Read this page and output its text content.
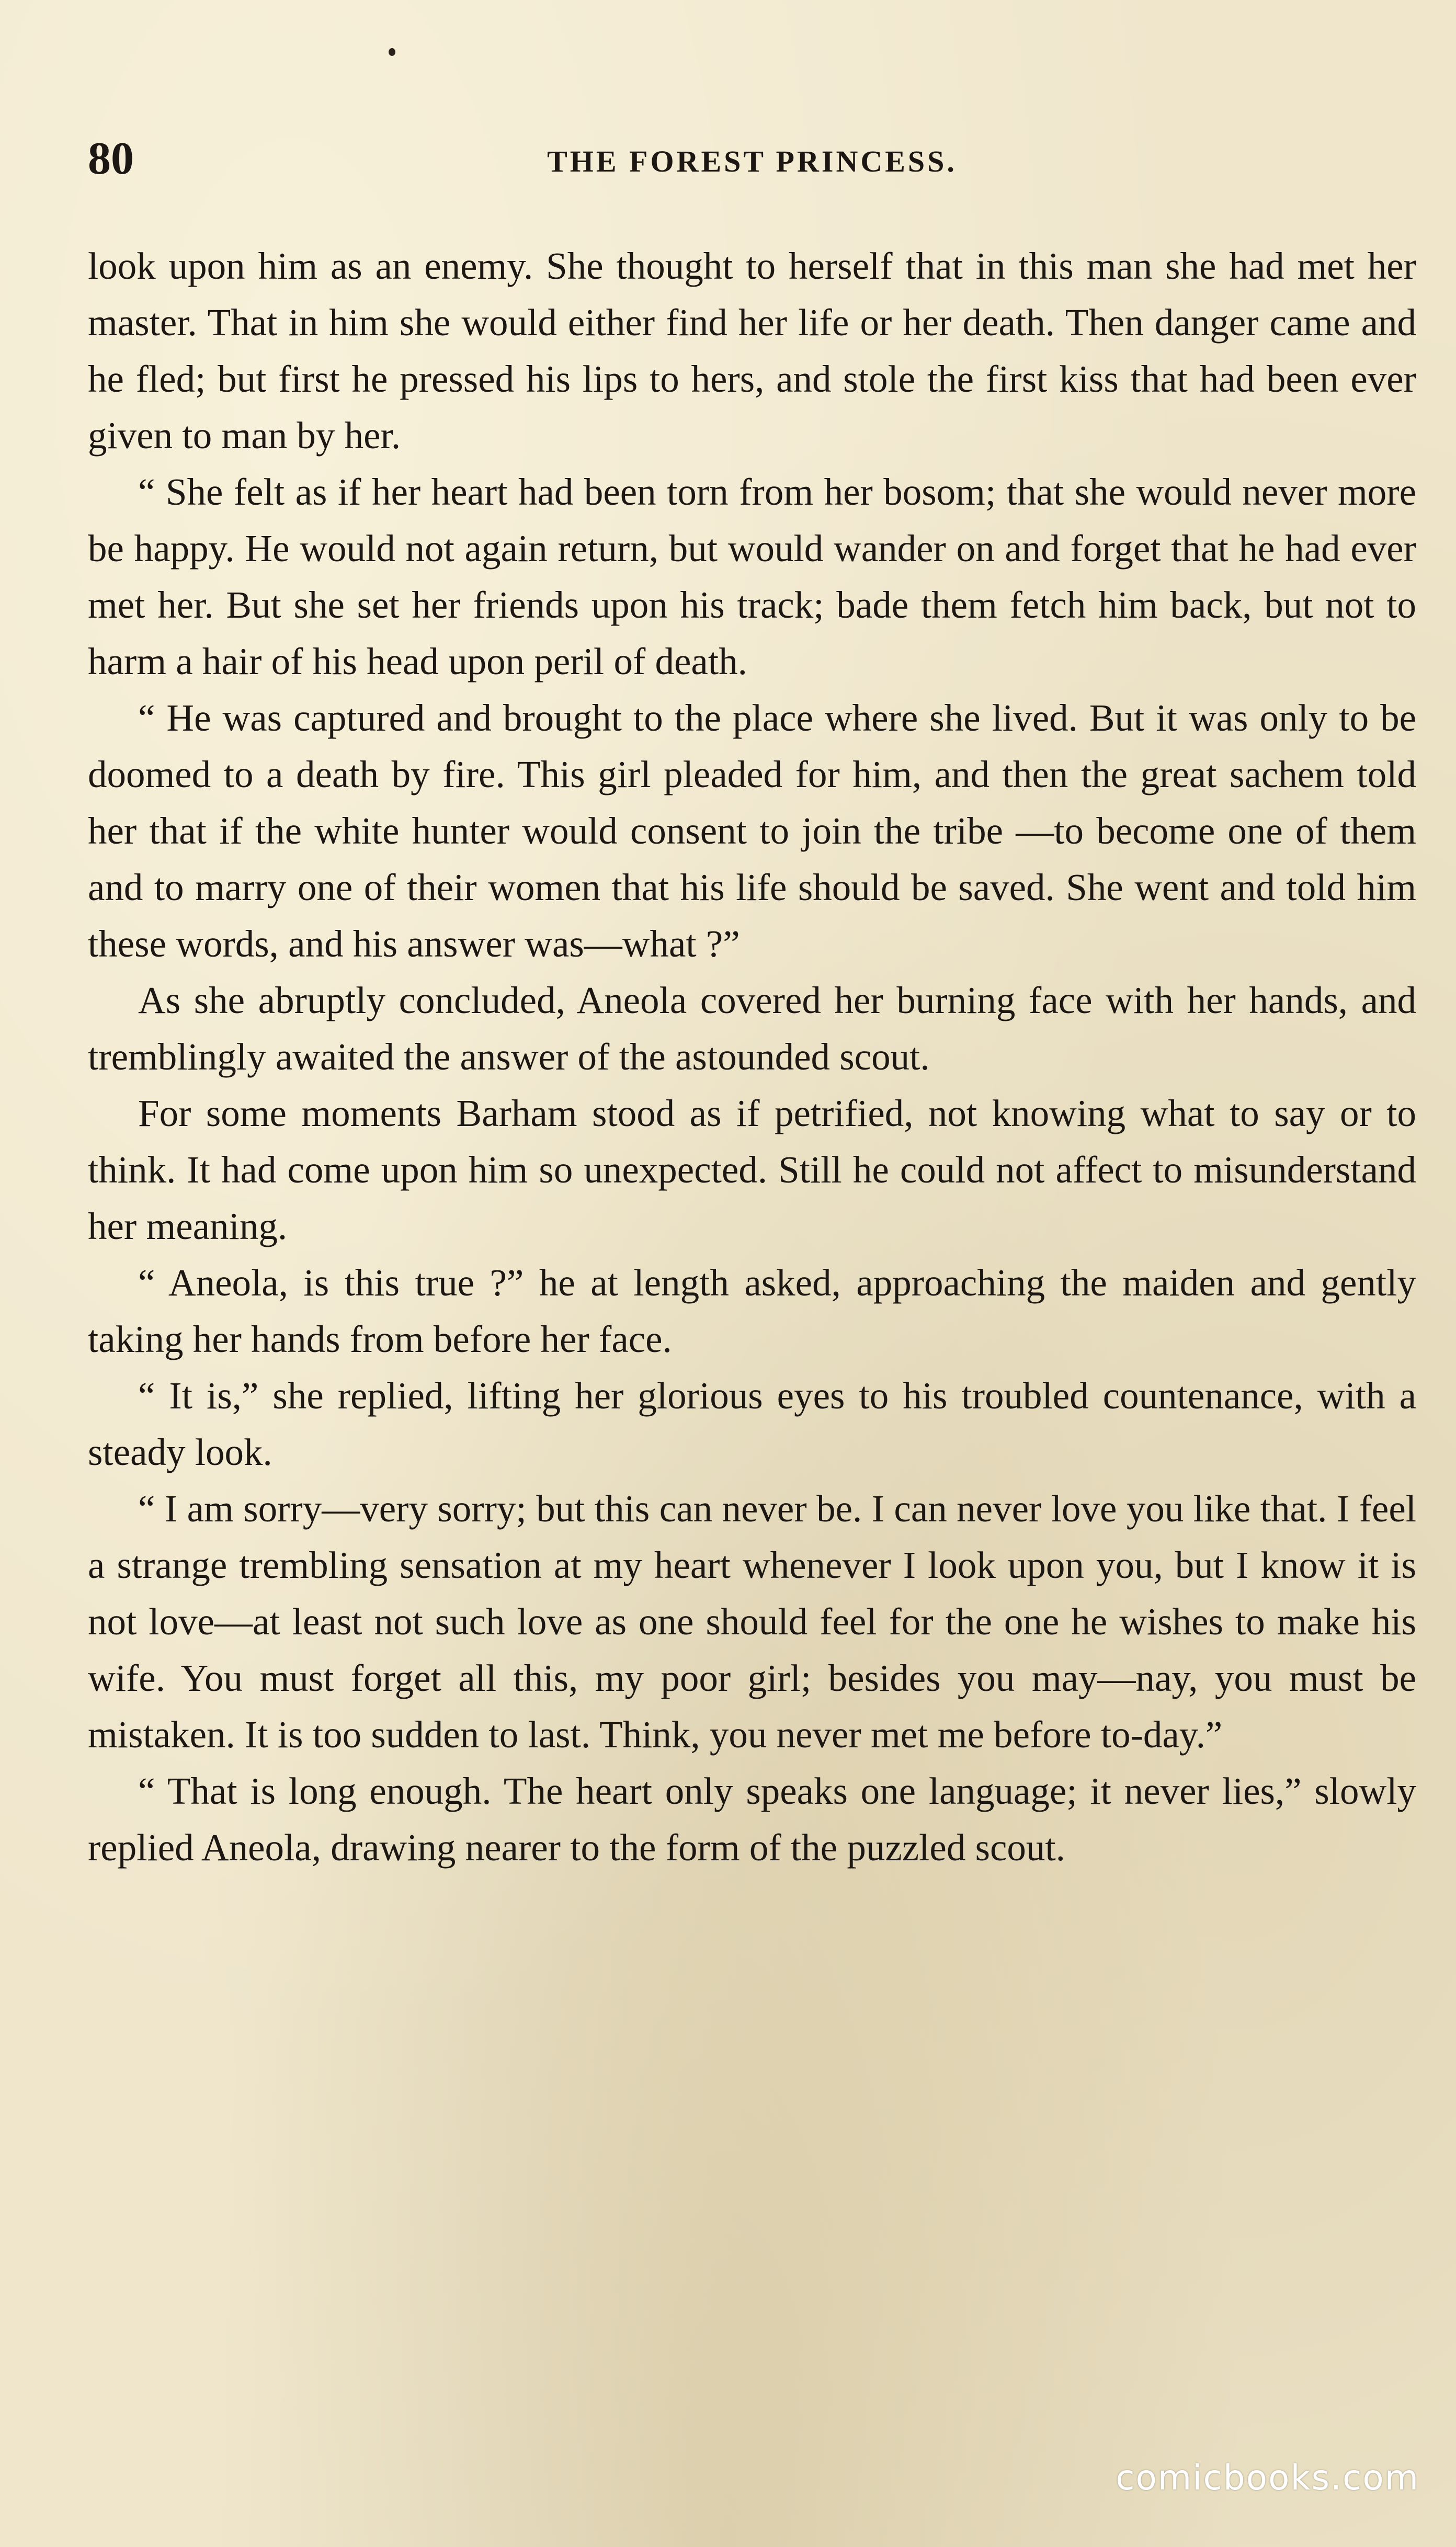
80	THE FOREST PRINCESS.

look upon him as an enemy. She thought to herself that in this man she had met her master. That in him she would either find her life or her death. Then danger came and he fled; but first he pressed his lips to hers, and stole the first kiss that had been ever given to man by her.

“ She felt as if her heart had been torn from her bosom; that she would never more be happy. He would not again return, but would wander on and forget that he had ever met her. But she set her friends upon his track; bade them fetch him back, but not to harm a hair of his head upon peril of death.

“ He was captured and brought to the place where she lived. But it was only to be doomed to a death by fire. This girl pleaded for him, and then the great sachem told her that if the white hunter would consent to join the tribe —to become one of them and to marry one of their women that his life should be saved. She went and told him these words, and his answer was—what ?”

As she abruptly concluded, Aneola covered her burning face with her hands, and tremblingly awaited the answer of the astounded scout.

For some moments Barham stood as if petrified, not knowing what to say or to think. It had come upon him so unexpected. Still he could not affect to misunderstand her meaning.

“ Aneola, is this true ?” he at length asked, approaching the maiden and gently taking her hands from before her face.

“ It is,” she replied, lifting her glorious eyes to his troubled countenance, with a steady look.

“ I am sorry—very sorry; but this can never be. I can never love you like that. I feel a strange trembling sensation at my heart whenever I look upon you, but I know it is not love—at least not such love as one should feel for the one he wishes to make his wife. You must forget all this, my poor girl; besides you may—nay, you must be mistaken. It is too sudden to last. Think, you never met me before to-day.”

“ That is long enough. The heart only speaks one language; it never lies,” slowly replied Aneola, drawing nearer to the form of the puzzled scout.

comicbooks.com
